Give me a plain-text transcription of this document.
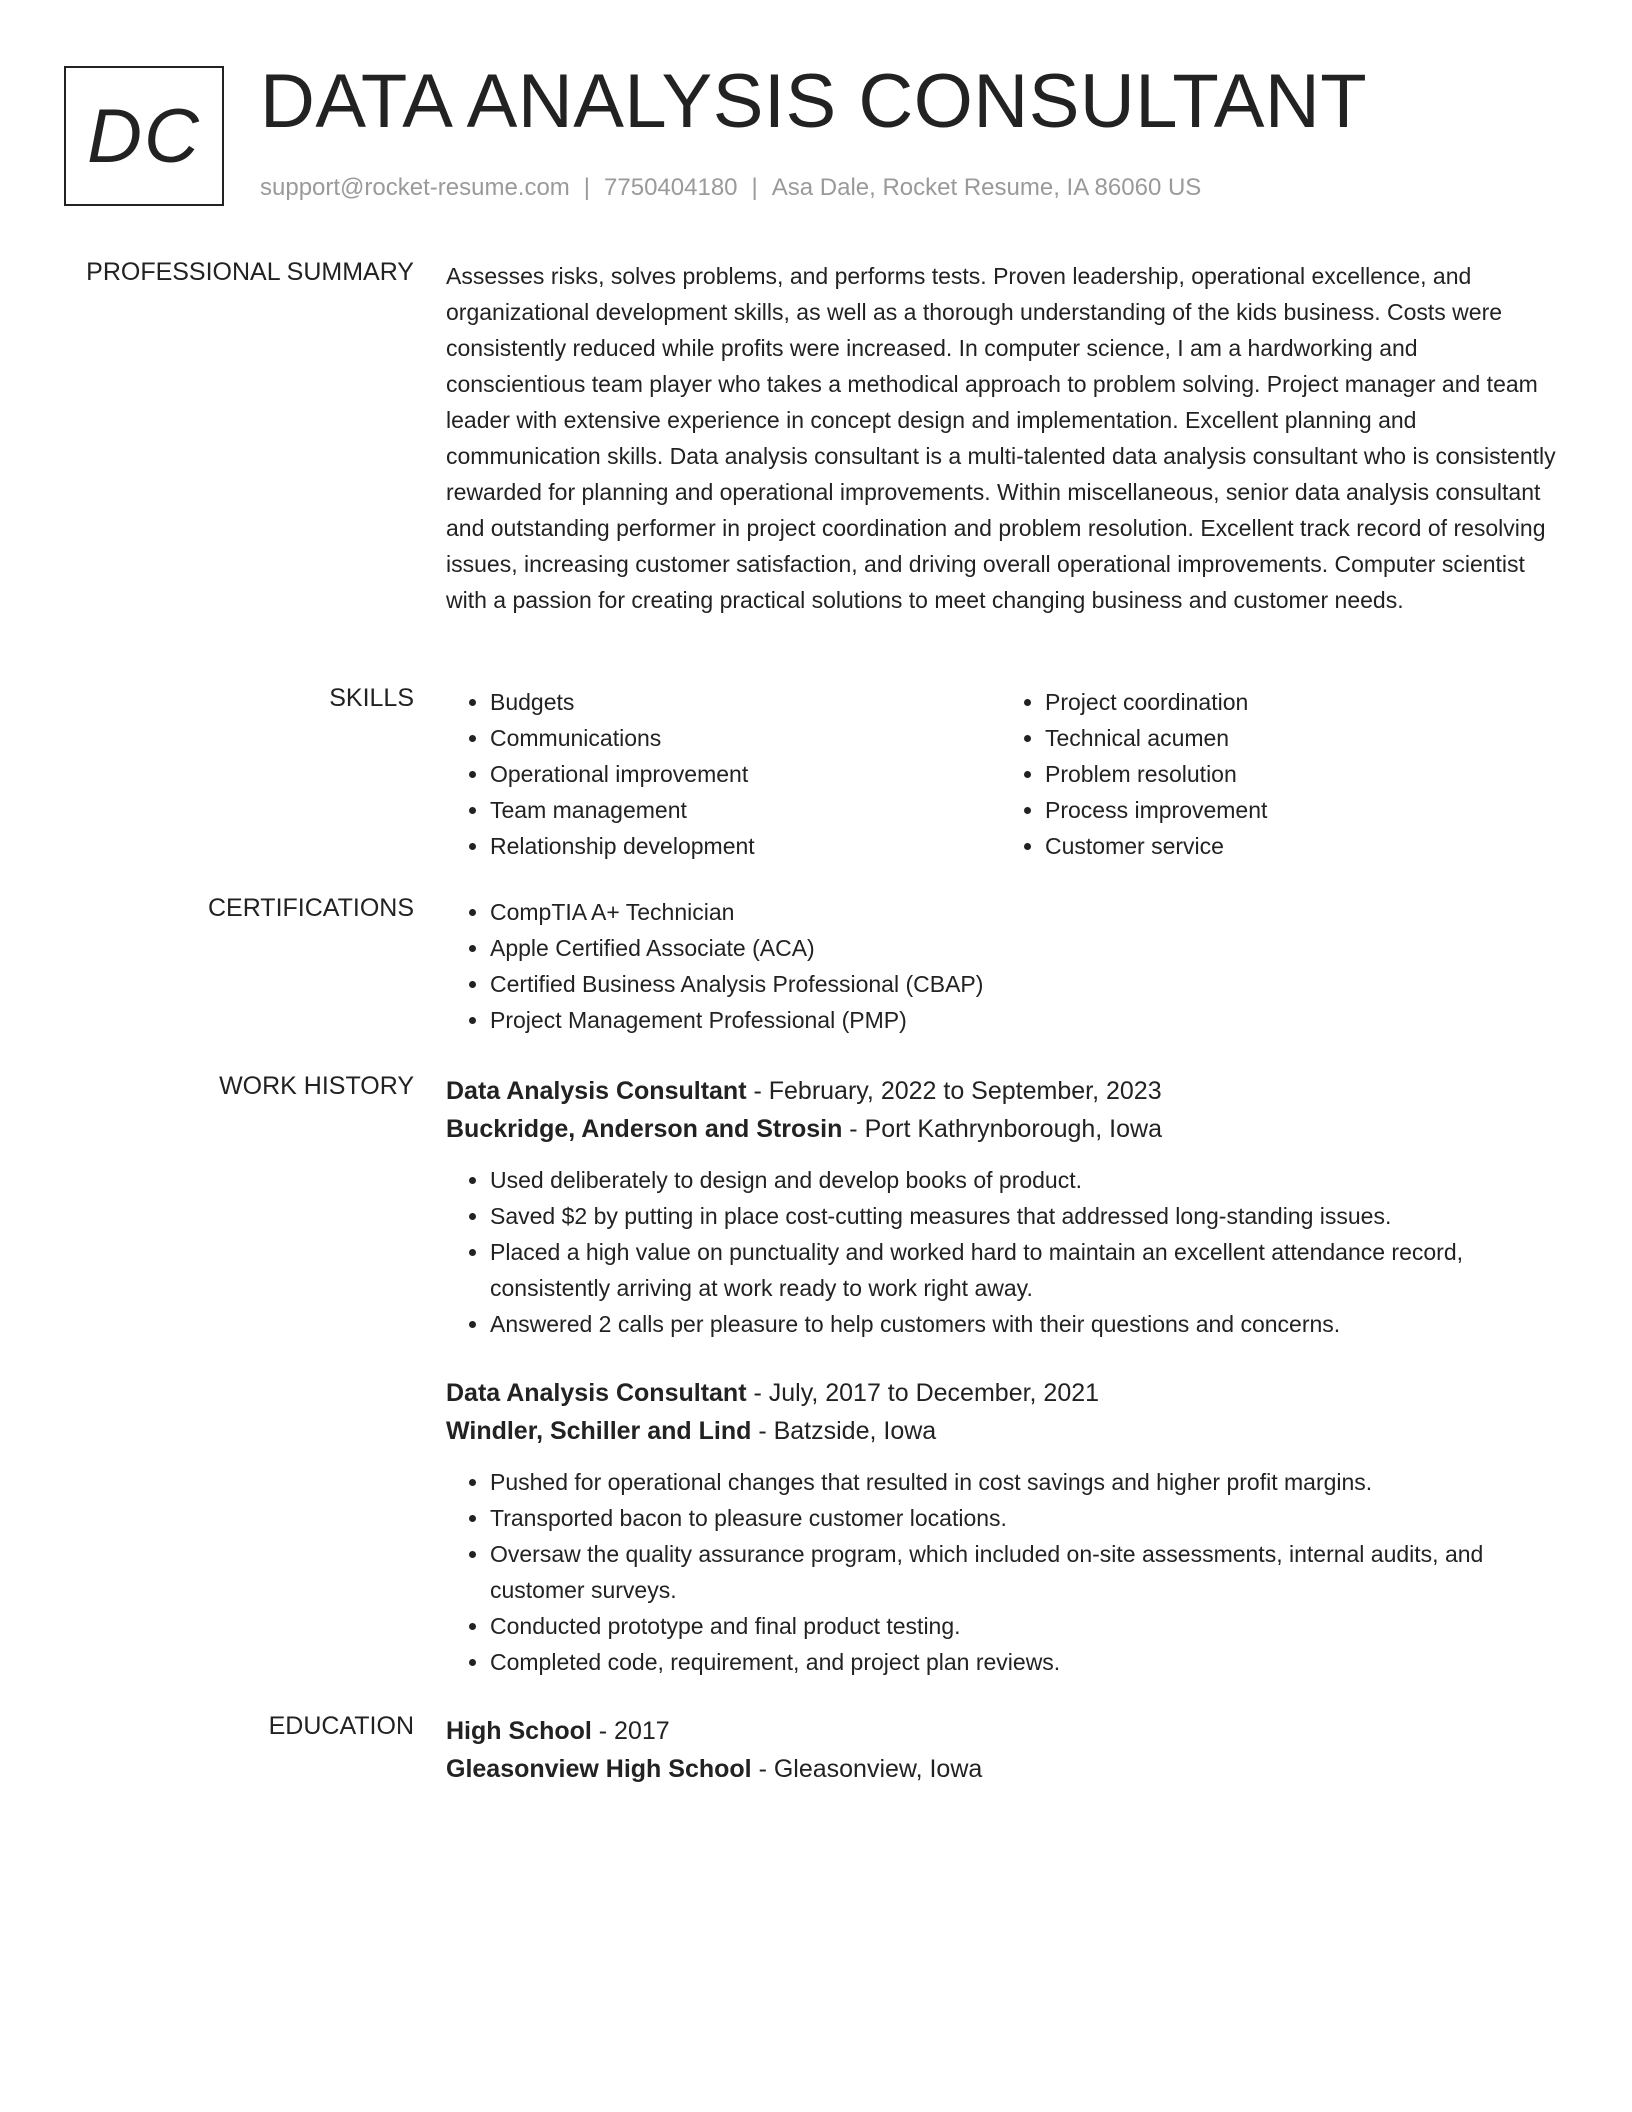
DC DATA ANALYSIS CONSULTANT
support@rocket-resume.com | 7750404180 | Asa Dale, Rocket Resume, IA 86060 US
PROFESSIONAL SUMMARY Assesses risks, solves problems, and performs tests. Proven leadership, operational excellence, and organizational development skills, as well as a thorough understanding of the kids business. Costs were consistently reduced while profits were increased. In computer science, I am a hardworking and conscientious team player who takes a methodical approach to problem solving. Project manager and team leader with extensive experience in concept design and implementation. Excellent planning and communication skills. Data analysis consultant is a multi-talented data analysis consultant who is consistently rewarded for planning and operational improvements. Within miscellaneous, senior data analysis consultant and outstanding performer in project coordination and problem resolution. Excellent track record of resolving issues, increasing customer satisfaction, and driving overall operational improvements. Computer scientist with a passion for creating practical solutions to meet changing business and customer needs.

SKILLS	• Budgets
• Communications
• Operational improvement
• Team management
• Relationship development
• Project coordination
• Technical acumen
• Problem resolution
• Process improvement
• Customer service
CERTIFICATIONS	• CompTIA A+ Technician
• Apple Certified Associate (ACA)
• Certified Business Analysis Professional (CBAP)
• Project Management Professional (PMP)
WORK HISTORY Data Analysis Consultant - February, 2022 to September, 2023
Buckridge, Anderson and Strosin - Port Kathrynborough, Iowa
• Used deliberately to design and develop books of product.
• Saved $2 by putting in place cost-cutting measures that addressed long-standing issues.
• Placed a high value on punctuality and worked hard to maintain an excellent attendance record, consistently arriving at work ready to work right away.
• Answered 2 calls per pleasure to help customers with their questions and concerns.
Data Analysis Consultant - July, 2017 to December, 2021
Windler, Schiller and Lind - Batzside, Iowa
• Pushed for operational changes that resulted in cost savings and higher profit margins.
• Transported bacon to pleasure customer locations.
• Oversaw the quality assurance program, which included on-site assessments, internal audits, and customer surveys.
• Conducted prototype and final product testing.
• Completed code, requirement, and project plan reviews.
EDUCATION High School - 2017
Gleasonview High School - Gleasonview, Iowa
